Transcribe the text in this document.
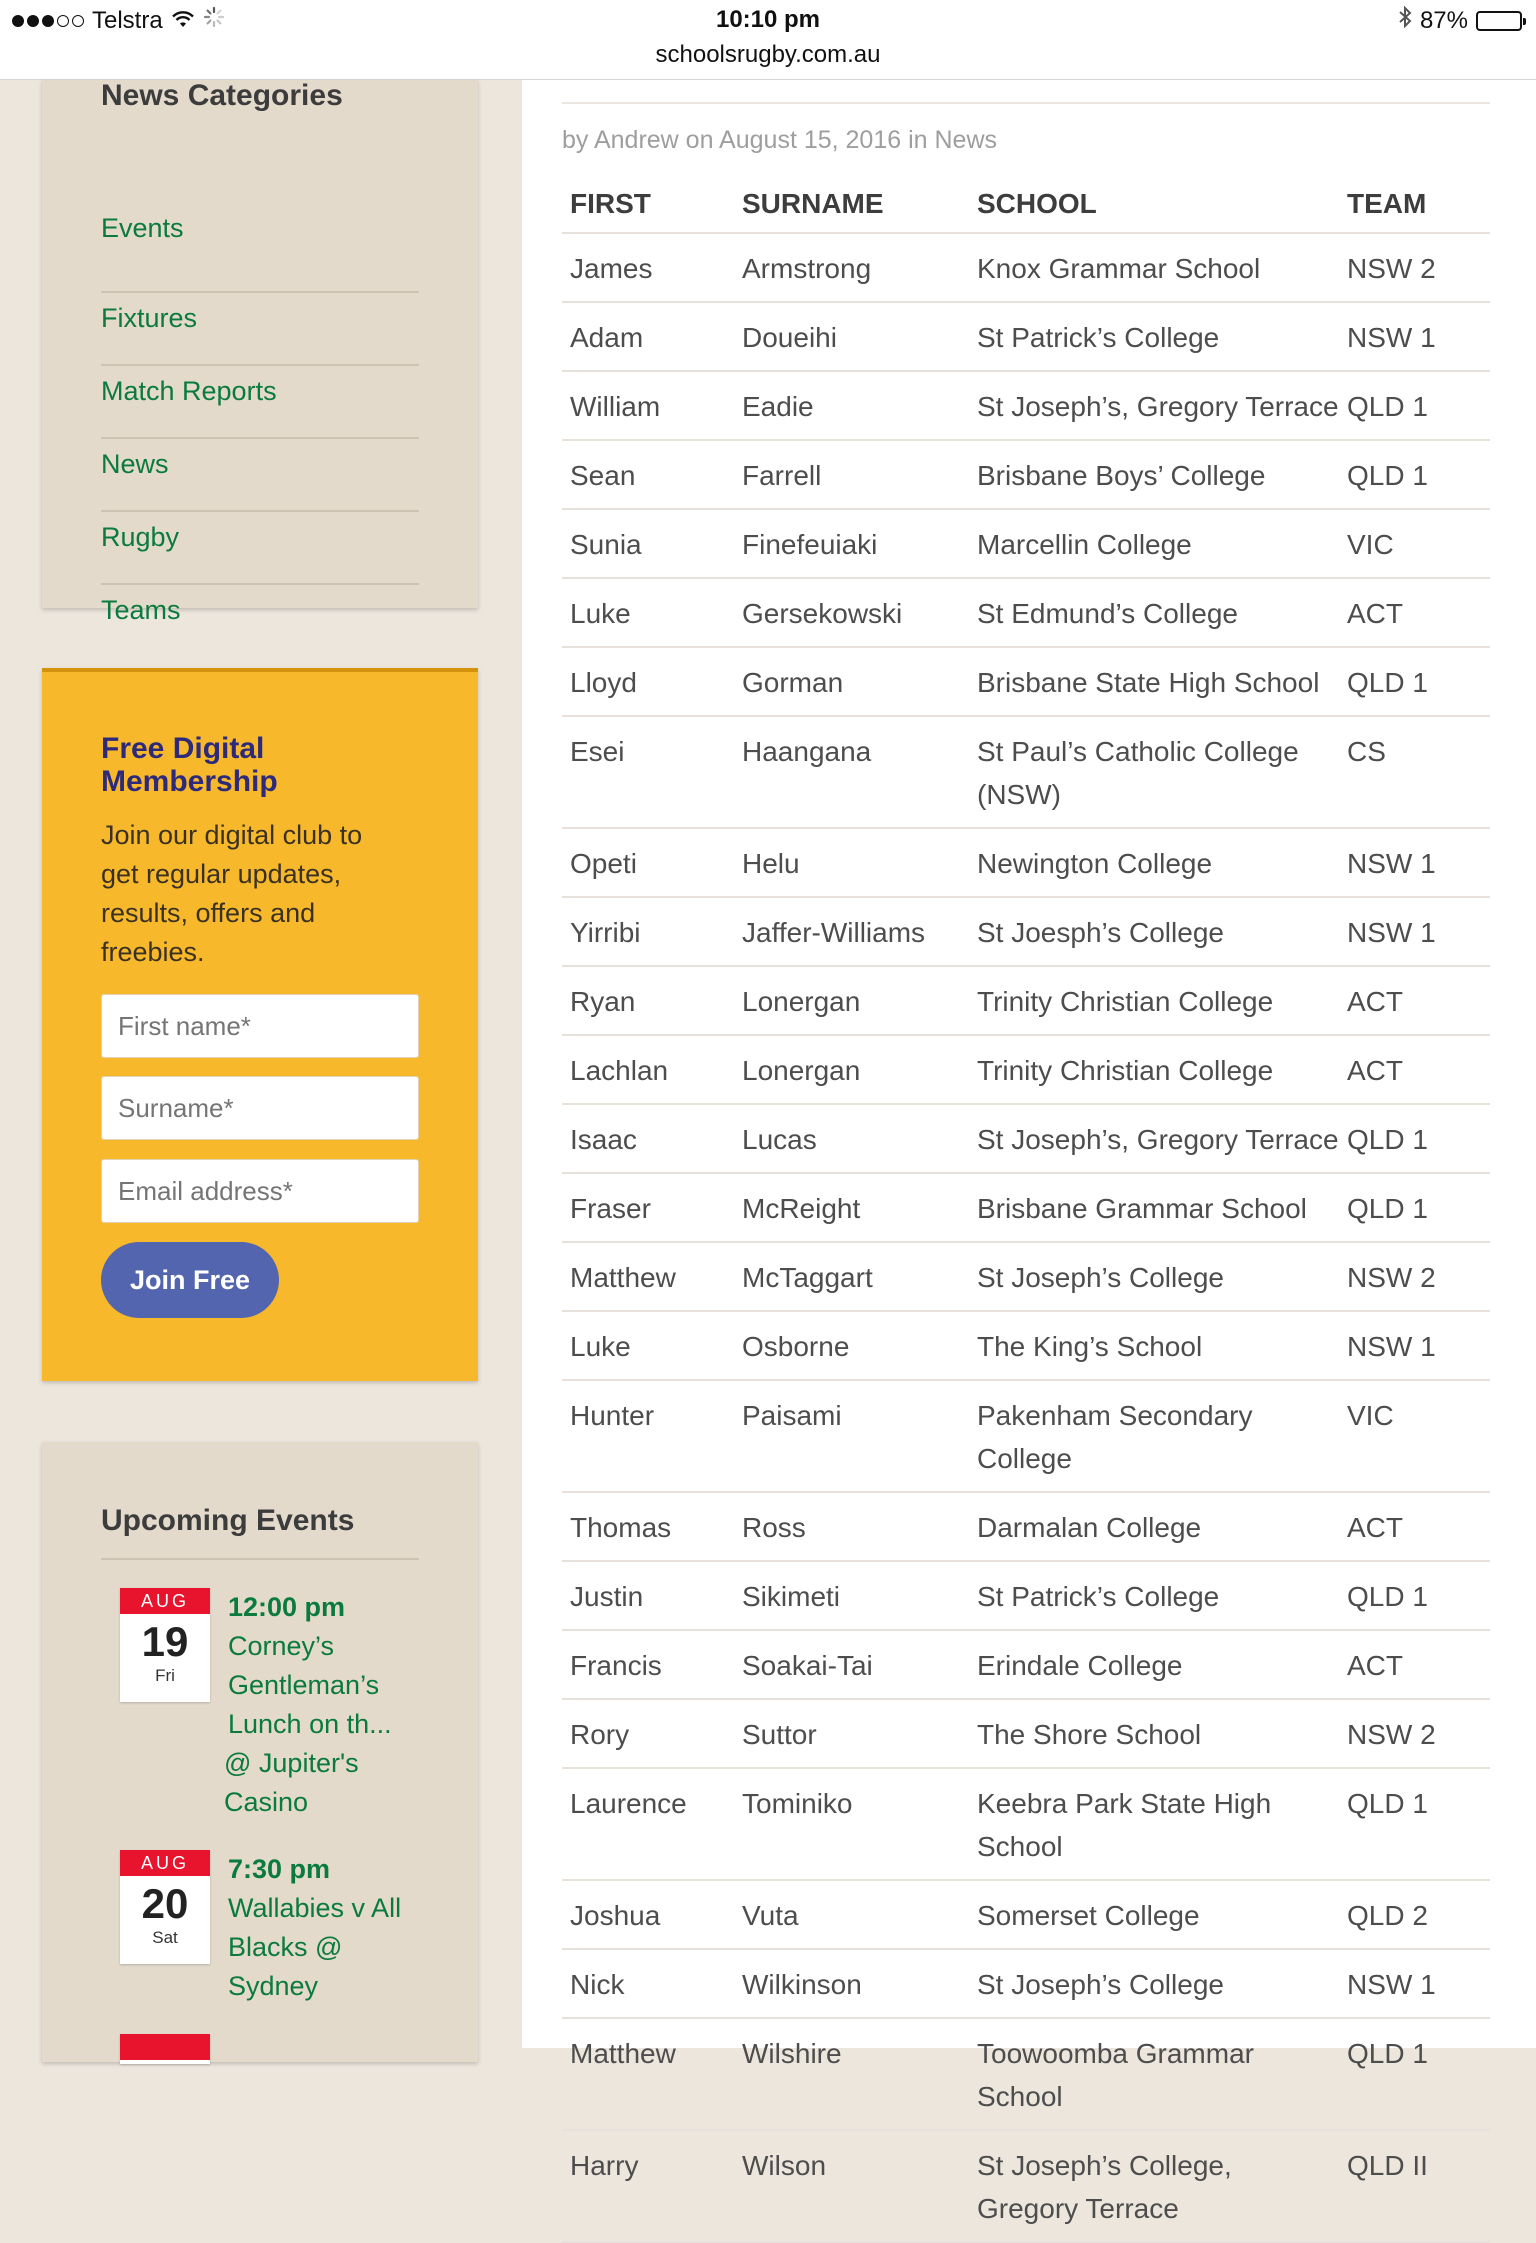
Telstra	10:10 pm
schoolsrugby.com.au
87%
News Categories
Events
Fixtures
Match Reports
News
Rugby
Teams
Free Digital Membership

Join our digital club to get regular updates, results, offers and freebies.

First name*
Surname*
Email address*
Join Free
Upcoming Events
AUG
19
Fri
12:00 pm
Corney’s Gentleman’s Lunch on th...
@ Jupiter's Casino
AUG
20
Sat
7:30 pm
Wallabies v All Blacks @ Sydney
by Andrew on August 15, 2016 in News
FIRST	SURNAME	SCHOOL	TEAM
James	Armstrong	Knox Grammar School	NSW 2
Adam	Doueihi	St Patrick’s College	NSW 1
William	Eadie	St Joseph’s, Gregory Terrace	QLD 1
Sean	Farrell	Brisbane Boys’ College	QLD 1
Sunia	Finefeuiaki	Marcellin College	VIC
Luke	Gersekowski	St Edmund’s College	ACT
Lloyd	Gorman	Brisbane State High School	QLD 1
Esei	Haangana	St Paul’s Catholic College (NSW)	CS
Opeti	Helu	Newington College	NSW 1
Yirribi	Jaffer-Williams	St Joesph’s College	NSW 1
Ryan	Lonergan	Trinity Christian College	ACT
Lachlan	Lonergan	Trinity Christian College	ACT
Isaac	Lucas	St Joseph’s, Gregory Terrace	QLD 1
Fraser	McReight	Brisbane Grammar School	QLD 1
Matthew	McTaggart	St Joseph’s College	NSW 2
Luke	Osborne	The King’s School	NSW 1
Hunter	Paisami	Pakenham Secondary College	VIC
Thomas	Ross	Darmalan College	ACT
Justin	Sikimeti	St Patrick’s College	QLD 1
Francis	Soakai-Tai	Erindale College	ACT
Rory	Suttor	The Shore School	NSW 2
Laurence	Tominiko	Keebra Park State High School	QLD 1
Joshua	Vuta	Somerset College	QLD 2
Nick	Wilkinson	St Joseph’s College	NSW 1
Matthew	Wilshire	Toowoomba Grammar School	QLD 1
Harry	Wilson	St Joseph’s College, Gregory Terrace	QLD II
